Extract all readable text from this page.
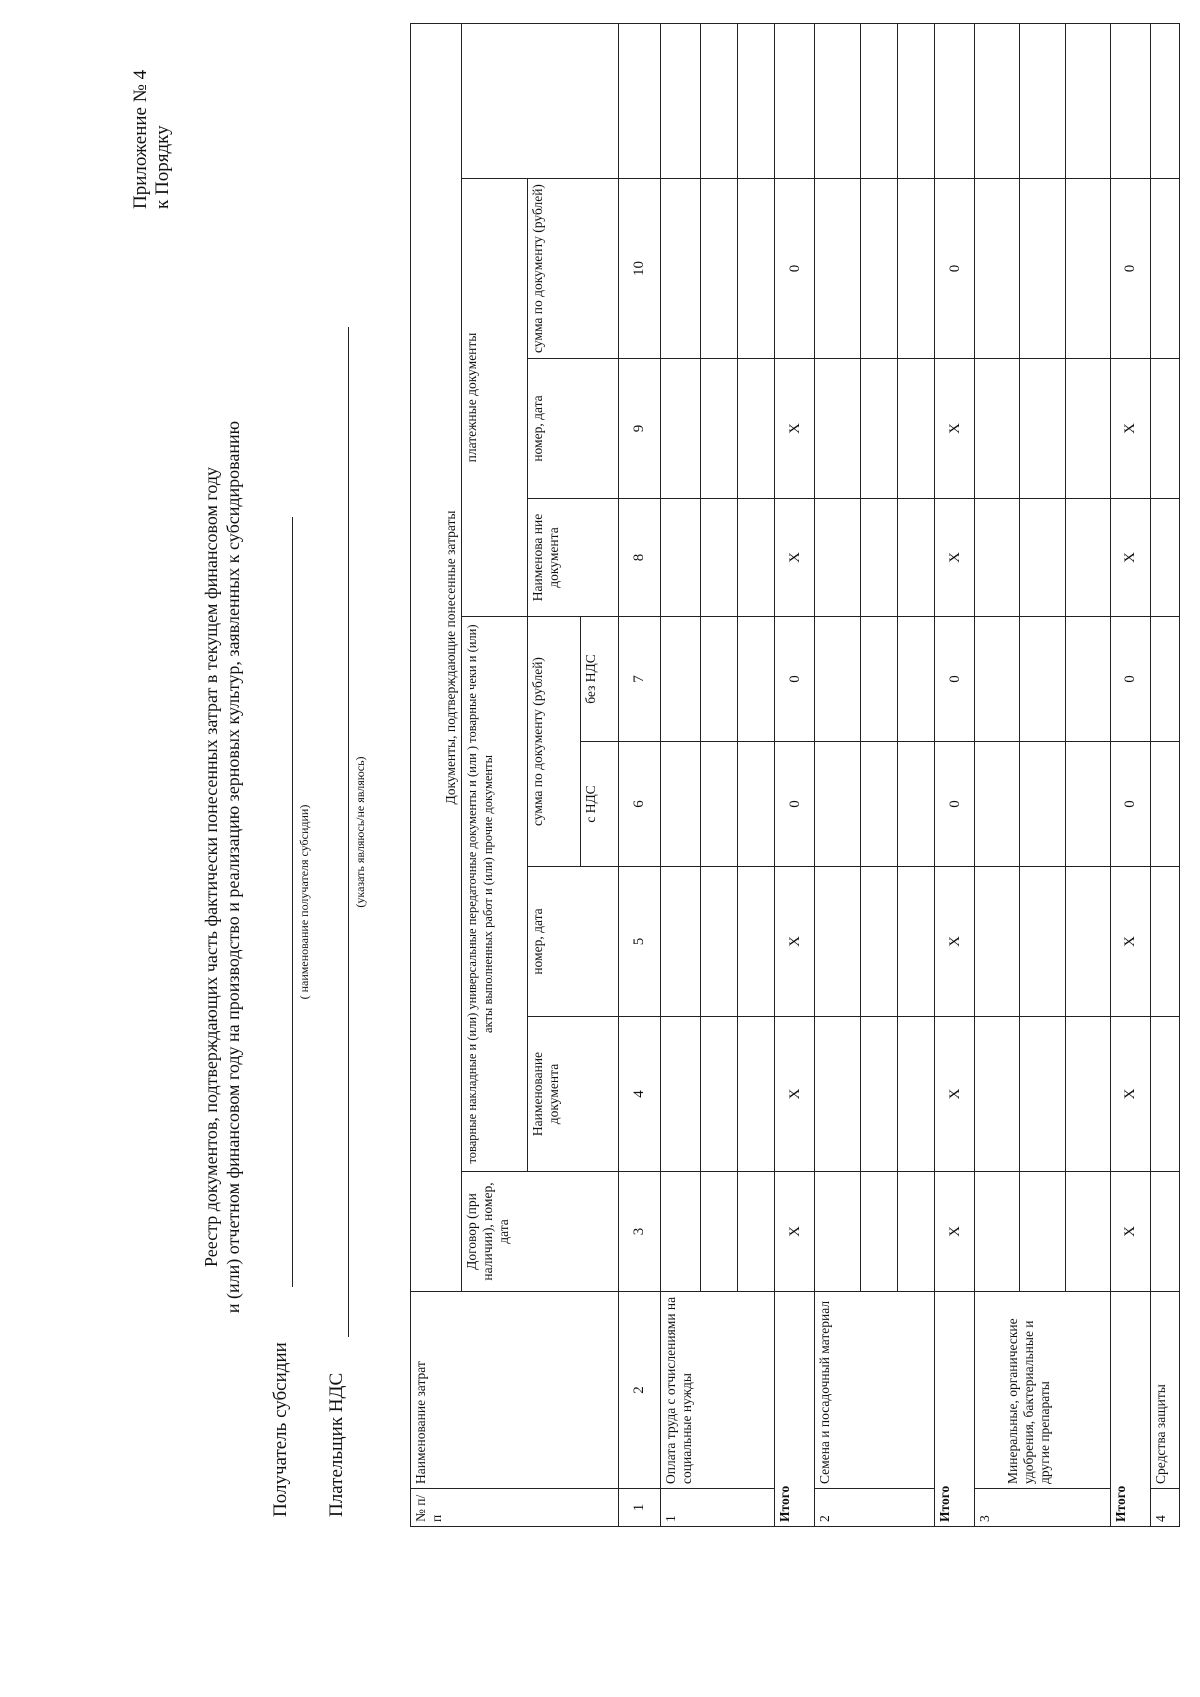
Приложение № 4 к Порядку
Реестр документов, подтверждающих часть фактически понесенных затрат в текущем финансовом году и (или) отчетном финансовом году на производство и реализацию зерновых культур, заявленных к субсидированию
Получатель субсидии
( наименование получателя субсидии)
Плательщик НДС
(указать являюсь/не являюсь)
№ п/п	Наименование затрат	Документы, подтверждающие понесенные затраты								
		Договор (при наличии), номер, дата	товарные накладные и (или) универсальные передаточные документы и (или ) товарные чеки и (или) акты выполненных работ и (или) прочие документы				платежные документы			
			Наименование документа	номер, дата	сумма по документу (рублей)		Наименова ние документа	номер, дата	сумма по документу (рублей)	
					с НДС	без НДС				
1	2	3	4	5	6	7	8	9	10	
1	Оплата труда с отчислениями на социальные нужды									

Итого		Х	Х	Х	0	0	Х	Х	0	
2	Семена и посадочный материал									

Итого		Х	Х	Х	0	0	Х	Х	0	
3	Минеральные, органические удобрения, бактериальные и другие препараты									

Итого		Х	Х	Х	0	0	Х	Х	0	
4	Средства защиты									
